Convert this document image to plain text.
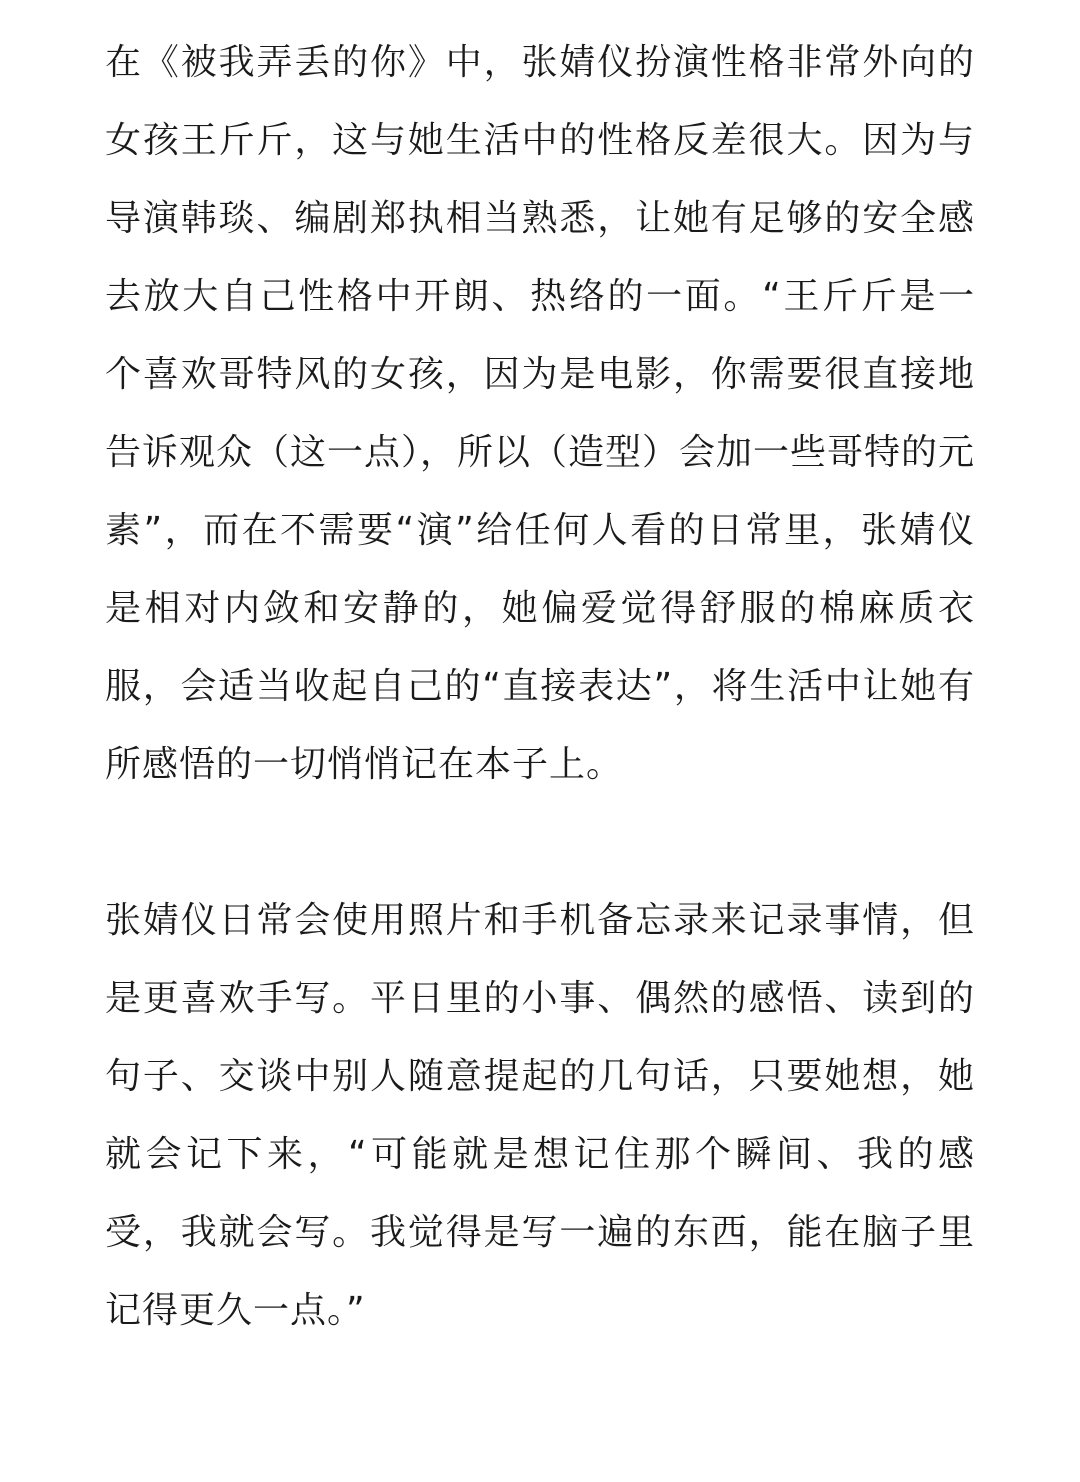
在《被我弄丢的你》中，张婧仪扮演性格非常外向的女孩王斤斤，这与她生活中的性格反差很大。因为与导演韩琰、编剧郑执相当熟悉，让她有足够的安全感去放大自己性格中开朗、热络的一面。“王斤斤是一个喜欢哥特风的女孩，因为是电影，你需要很直接地告诉观众（这一点），所以（造型）会加一些哥特的元素”，而在不需要“演”给任何人看的日常里，张婧仪是相对内敛和安静的，她偏爱觉得舒服的棉麻质衣服，会适当收起自己的“直接表达”，将生活中让她有所感悟的一切悄悄记在本子上。

张婧仪日常会使用照片和手机备忘录来记录事情，但是更喜欢手写。平日里的小事、偶然的感悟、读到的句子、交谈中别人随意提起的几句话，只要她想，她就会记下来，“可能就是想记住那个瞬间、我的感受，我就会写。我觉得是写一遍的东西，能在脑子里记得更久一点。”
